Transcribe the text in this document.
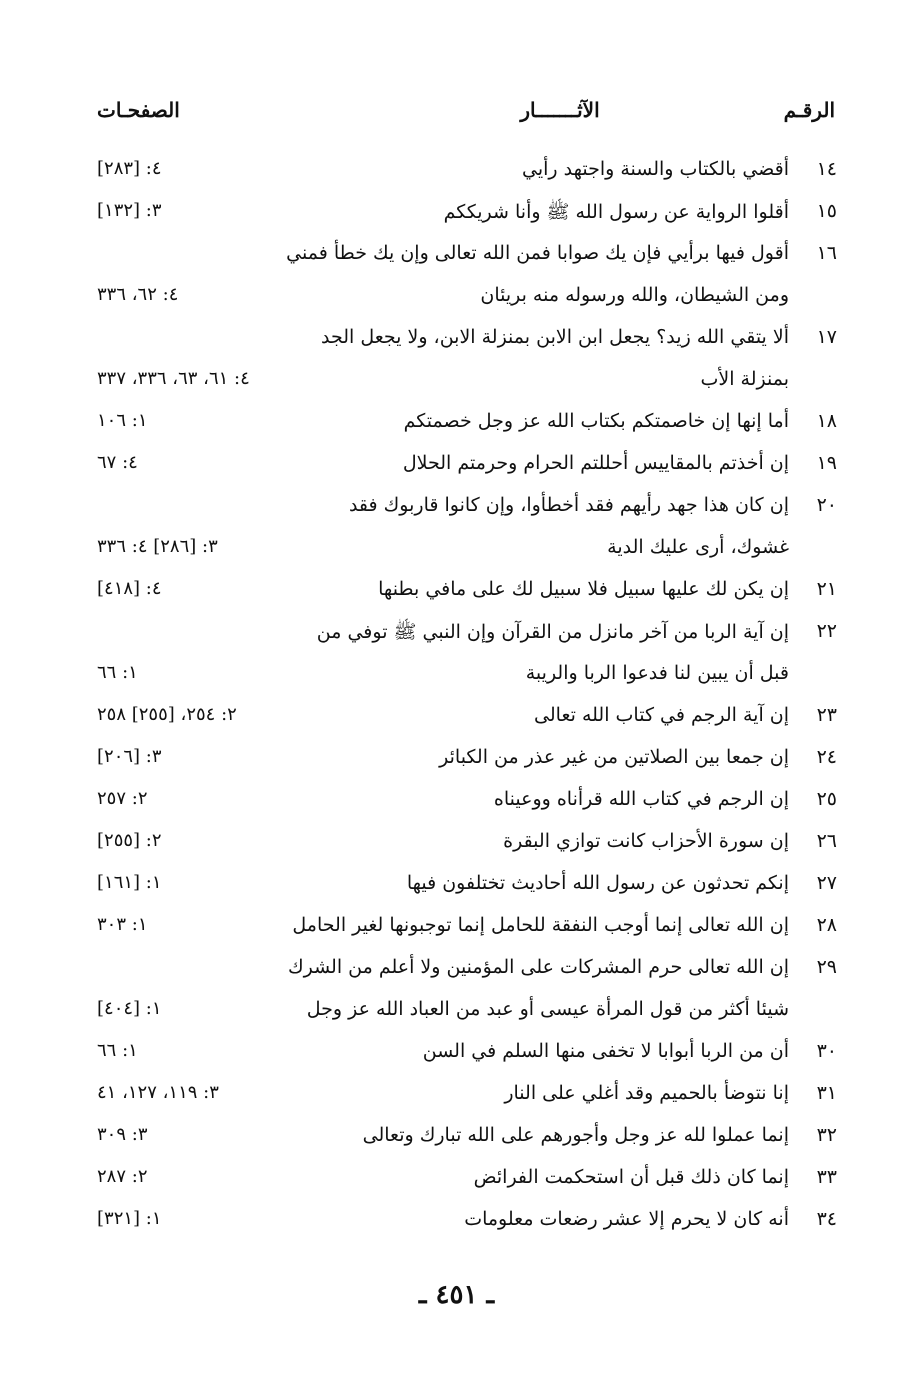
الرقـم
الآثـــــــار
الصفحـات
١٤
أقضي بالكتاب والسنة واجتهد رأيي
٤: [٢٨٣]
١٥
أقلوا الرواية عن رسول الله ﷺ وأنا شريككم
٣: [١٣٢]
١٦
أقول فيها برأيي فإن يك صوابا فمن الله تعالى وإن يك خطأ فمني
ومن الشيطان، والله ورسوله منه بريئان
٤: ٦٢، ٣٣٦
١٧
ألا يتقي الله زيد؟ يجعل ابن الابن بمنزلة الابن، ولا يجعل الجد
بمنزلة الأب
٤: ٦١، ٦٣، ٣٣٦، ٣٣٧
١٨
أما إنها إن خاصمتكم بكتاب الله عز وجل خصمتكم
١: ١٠٦
١٩
إن أخذتم بالمقاييس أحللتم الحرام وحرمتم الحلال
٤: ٦٧
٢٠
إن كان هذا جهد رأيهم فقد أخطأوا، وإن كانوا قاربوك فقد
غشوك، أرى عليك الدية
٣: [٢٨٦] ٤: ٣٣٦
٢١
إن يكن لك عليها سبيل فلا سبيل لك على مافي بطنها
٤: [٤١٨]
٢٢
إن آية الربا من آخر مانزل من القرآن وإن النبي ﷺ توفي من
قبل أن يبين لنا فدعوا الربا والريبة
١: ٦٦
٢٣
إن آية الرجم في كتاب الله تعالى
٢: ٢٥٤، [٢٥٥] ٢٥٨
٢٤
إن جمعا بين الصلاتين من غير عذر من الكبائر
٣: [٢٠٦]
٢٥
إن الرجم في كتاب الله قرأناه ووعيناه
٢: ٢٥٧
٢٦
إن سورة الأحزاب كانت توازي البقرة
٢: [٢٥٥]
٢٧
إنكم تحدثون عن رسول الله أحاديث تختلفون فيها
١: [١٦١]
٢٨
إن الله تعالى إنما أوجب النفقة للحامل إنما توجبونها لغير الحامل
١: ٣٠٣
٢٩
إن الله تعالى حرم المشركات على المؤمنين ولا أعلم من الشرك
شيئا أكثر من قول المرأة عيسى أو عبد من العباد الله عز وجل
١: [٤٠٤]
٣٠
أن من الربا أبوابا لا تخفى منها السلم في السن
١: ٦٦
٣١
إنا نتوضأ بالحميم وقد أغلي على النار
٣: ١١٩، ١٢٧، ٤١
٣٢
إنما عملوا لله عز وجل وأجورهم على الله تبارك وتعالى
٣: ٣٠٩
٣٣
إنما كان ذلك قبل أن استحكمت الفرائض
٢: ٢٨٧
٣٤
أنه كان لا يحرم إلا عشر رضعات معلومات
١: [٣٢١]
ـ ٤٥١ ـ
